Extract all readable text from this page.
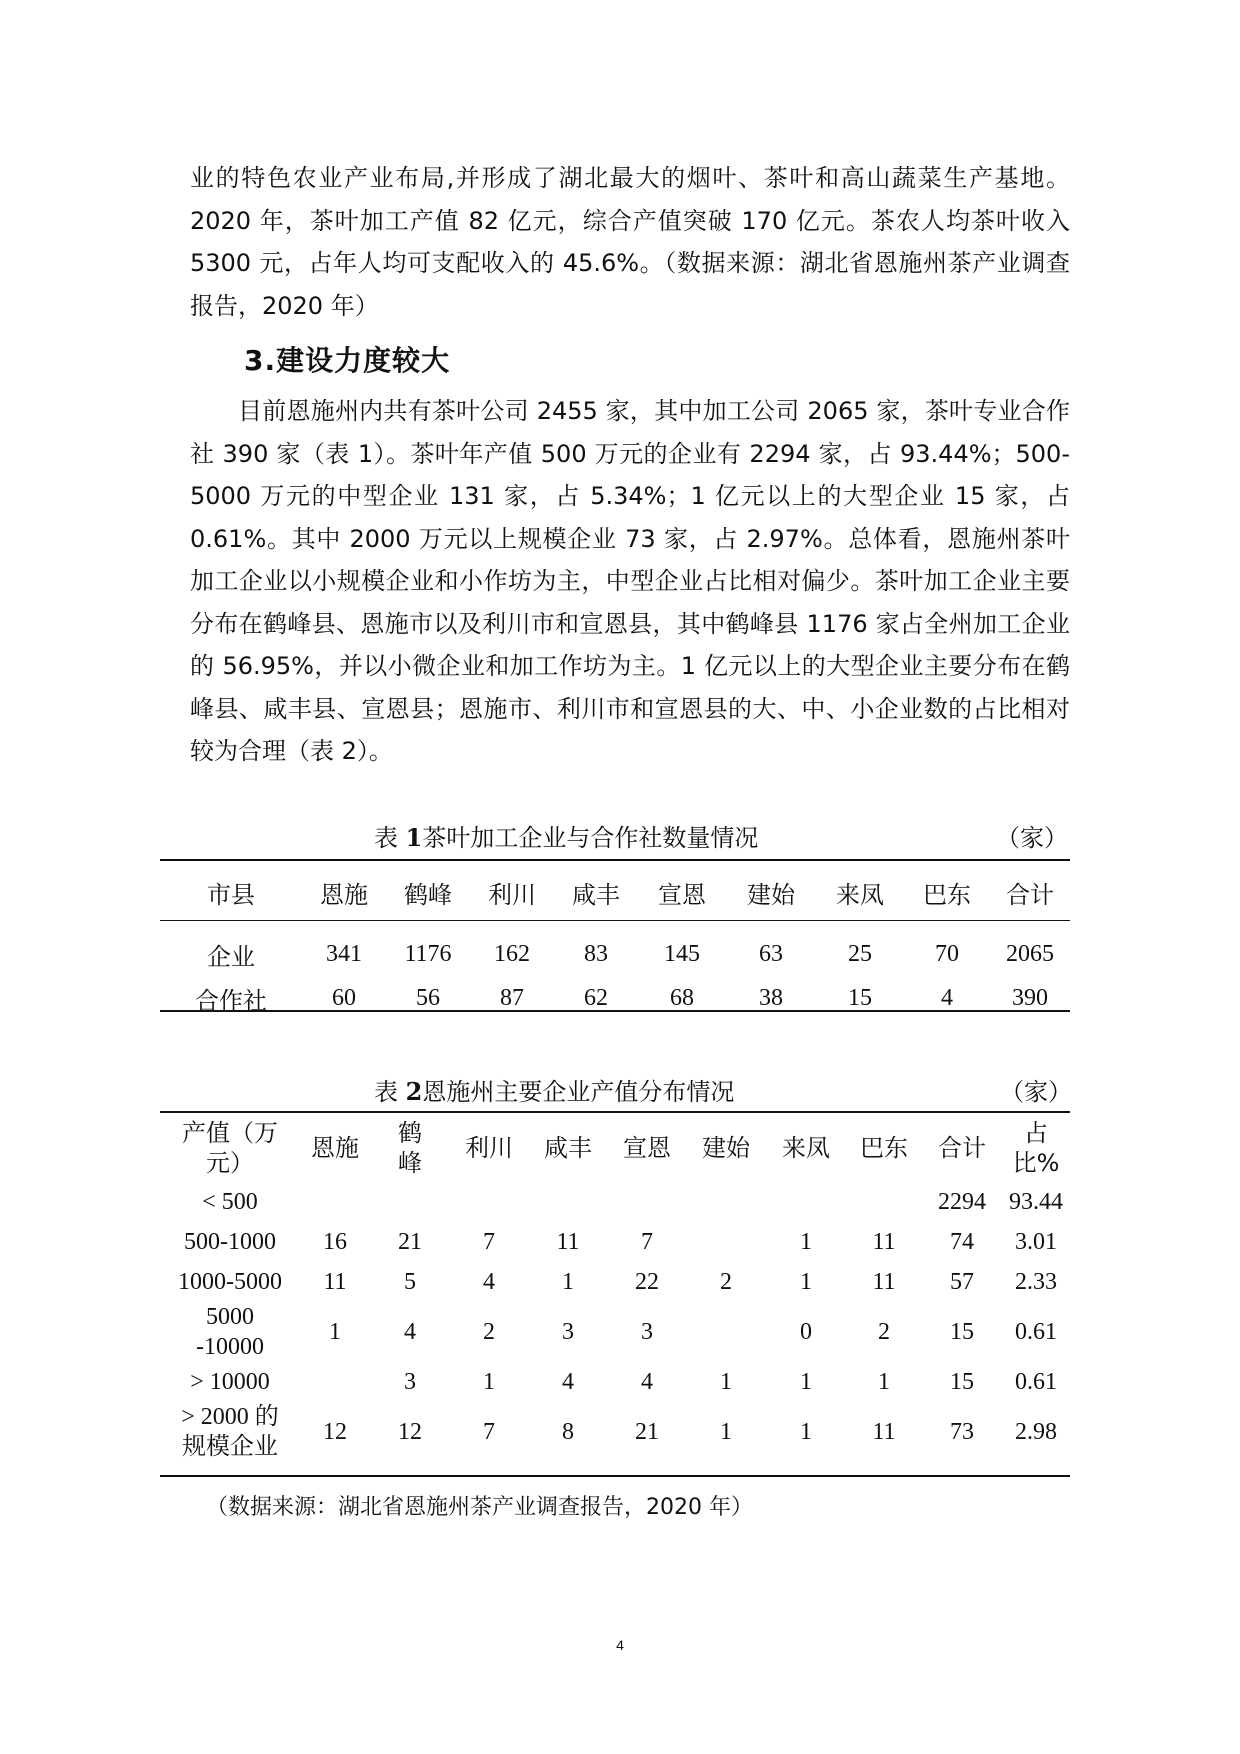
业的特色农业产业布局,并形成了湖北最大的烟叶、茶叶和高山蔬菜生产基地。2020 年，茶叶加工产值 82 亿元，综合产值突破 170 亿元。茶农人均茶叶收入 5300 元，占年人均可支配收入的 45.6%。（数据来源：湖北省恩施州茶产业调查报告，2020 年）

3.建设力度较大

目前恩施州内共有茶叶公司 2455 家，其中加工公司 2065 家，茶叶专业合作社 390 家（表 1）。茶叶年产值 500 万元的企业有 2294 家，占 93.44%；500-5000 万元的中型企业 131 家，占 5.34%；1 亿元以上的大型企业 15 家，占 0.61%。其中 2000 万元以上规模企业 73 家，占 2.97%。总体看，恩施州茶叶加工企业以小规模企业和小作坊为主，中型企业占比相对偏少。茶叶加工企业主要分布在鹤峰县、恩施市以及利川市和宣恩县，其中鹤峰县 1176 家占全州加工企业的 56.95%，并以小微企业和加工作坊为主。1 亿元以上的大型企业主要分布在鹤峰县、咸丰县、宣恩县；恩施市、利川市和宣恩县的大、中、小企业数的占比相对较为合理（表 2）。

表 1茶叶加工企业与合作社数量情况	（家）
市县	恩施	鹤峰	利川	咸丰	宣恩	建始	来凤	巴东	合计
企业	341	1176	162	83	145	63	25	70	2065
合作社	60	56	87	62	68	38	15	4	390
表 2恩施州主要企业产值分布情况	（家）
产值（万元）	恩施	鹤峰	利川	咸丰	宣恩	建始	来凤	巴东	合计	占比%
< 500									2294	93.44
500-1000	16	21	7	11	7		1	11	74	3.01
1000-5000	11	5	4	1	22	2	1	11	57	2.33
5000 -10000	1	4	2	3	3		0	2	15	0.61
> 10000		3	1	4	4	1	1	1	15	0.61
> 2000 的规模企业	12	12	7	8	21	1	1	11	73	2.98

（数据来源：湖北省恩施州茶产业调查报告，2020 年）

4
